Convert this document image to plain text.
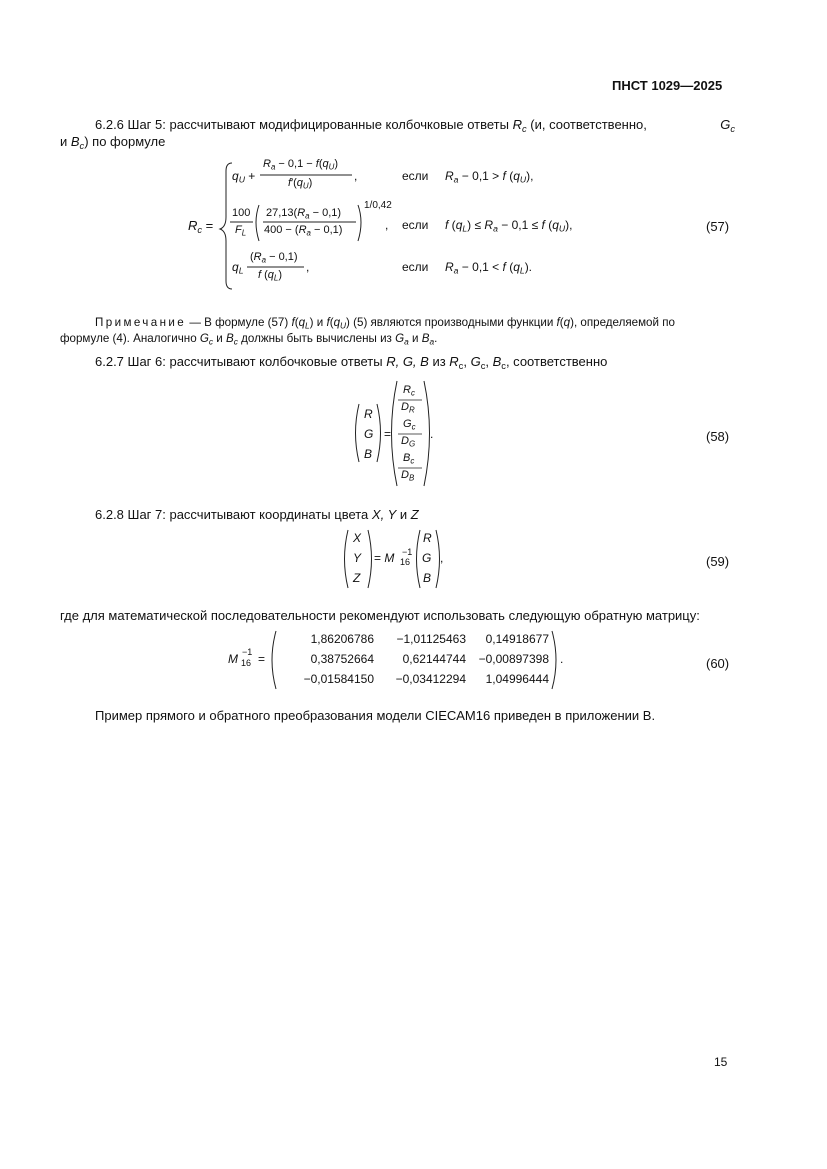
ПНСТ 1029—2025
6.2.6 Шаг 5: рассчитывают модифицированные колбочковые ответы $R_c$ (и, соответственно,	$G_c$
и $B_c$) по формуле
$R_c$ =
$q_U$ +
$R_a - 0,1 - f(q_U)$
$f'(q_U)$	,	если $R_a - 0,1 > f$ $(q_U)$,
100
$F_L$
$27,13(R_a - 0,1)$
$400 - (R_a - 0,1)$
1/0,42
, если f $(q_L) \le R_a - 0,1 \le f$ $(q_U)$,
$q_L$
$(R_a - 0,1)$
f $(q_L)$
,	если $R_a - 0,1 < f$ $(q_L)$.
(57)
Примечание — В формуле (57) $f(q_L)$ и $f(q_U)$ (5) являются производными функции f(q), определяемой по
формуле (4). Аналогично $G_c$ и $B_c$ должны быть вычислены из $G_a$ и $B_a$.
6.2.7 Шаг 6: рассчитывают колбочковые ответы R, G, B из $R_c$, $G_c$, $B_c$, соответственно
R
G
B
=
$R_c$
$D_R$
$G_c$
$D_G$
$B_c$
$D_B$
.	(58)
6.2.8 Шаг 7: рассчитывают координаты цвета X, Y и Z
X
Y
Z
= M −1
16
R
G
B
,	(59)
где для математической последовательности рекомендуют использовать следующую обратную матрицу:
M −1
16 =
1,86206786 −1,01125463 0,14918677
0,38752664 0,62144744 −0,00897398
−0,01584150 −0,03412294 1,04996444
.	(60)
Пример прямого и обратного преобразования модели CIECAM16 приведен в приложении В.
15
